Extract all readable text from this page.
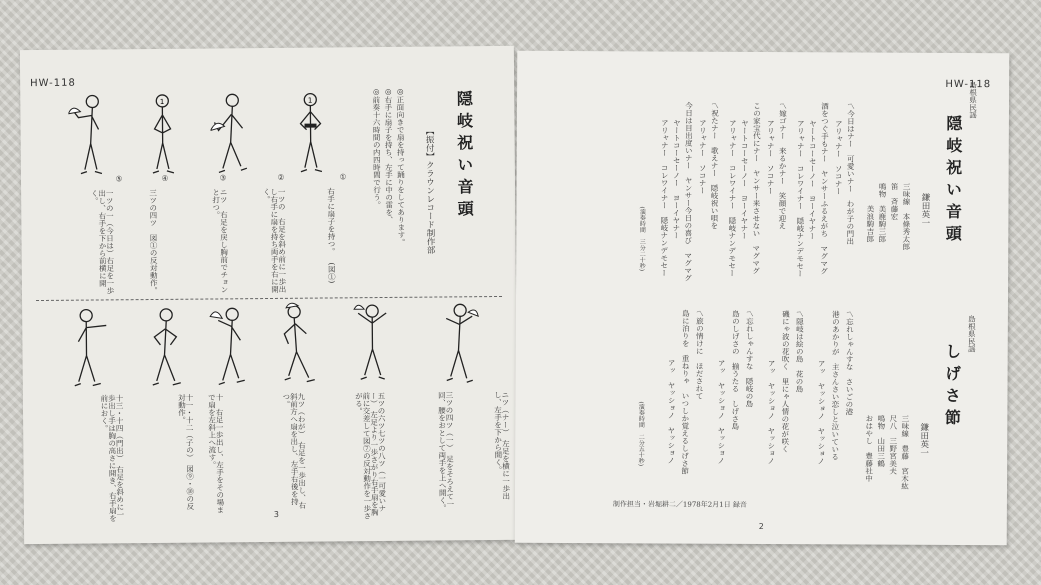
HW-118
隠岐祝い音頭
【振付】クラウンレコード制作部
◎正面向きで扇を持って踊りをしてあります。
◎右手に扇子を持ち、左手に中の雷を、
◎前奏十六時間の内四時間で行う。
①
右手に扇子を持つ。
(図①)
②
一ツの　右足を斜め前に一歩出し右手に扇を持ち両手を右に開く。
③
ニツ　右足を戻し胸前でチョンと打つ。
④
三ツの四ツ　図①の反対動作。
⑤
一ツの一（今日は）右足を一歩出し、右手を下から前横に開く。
1
1
ニツ（ナー）　左足を横に一歩出し、左手を下から開く。
三ツの四ツ（一）　足をそろえて一回、腰をおとして両手を上へ開く。
五ツの六ツ七ツの八ツ（一可愛いナー）　左足より一歩さがり右手扇を胸前に交差して図⑦の反対動作を一歩さがる。
九ツ（わが）　右足を一歩出し、右斜前方へ扇を出し、左手右後を持つ。
十　右足一歩出し、左手をその場まで扇を左斜上へ流す。
十一・十二（子の）　図⑨・⑩の反対動作。
十三・十四（門出）　右足を斜めに一歩出し手は胸の高さに開き、右手扇を前におく。
3
HW-118
島根県民謡
隠岐祝い音頭
鎌田英一
三味線　本條秀太郎
笛　斉藤宏
鳴物　美鹿駒三郎
　　　美浪駒吉郎
〽今日はナー　可愛いナー　わが子の門出
　アリャナー　ソコナー
酒をつぐ手もナー　ヤンサーふるえがち　マグマグ
　ヤートコーセーノー　ヨーイヤナー
　アリャナー　コレワイナー　隠岐ナンデモセー
〽嫁ゴナー　来るかナー　笑顔で迎え
　アリャナー　ソコナー
この家宝代にナー　ヤンサー来させない　マグマグ
　ヤートコーセーノー　ヨーイヤナー
　アリャナー　コレワイナー　隠岐ナンデモセー
〽祝たナー　歌えナー　隠岐祝い唄を
　アリャナー　ソコナー
今日は目出度いナー　ヤンサー今日の喜び　マグマグ
　ヤートコーセーノー　ヨーイヤナー
　アリャナー　コレワイナー　隠岐ナンデモセー
(演奏時間　三分二十秒)
島根県民謡
しげさ節
鎌田英一
三味線　豊藤　宮木紘
尺八　三野宮美夫
鳴物　山田三鶴
おはやし　豊藤社中
〽忘れしゃんすな　さいごの港
港のあかりが　主さんさい恋しと泣いている
　アッ　ヤッショノ　ヤッショノ
〽隠岐は絵の島　花の島
磯にゃ波の花吹く　里にゃ人情の花が咲く
　アッ　ヤッショノ　ヤッショノ
〽忘れしゃんすな　隠岐の島
島のしげさの　揃うたる　しげさ島
　アッ　ヤッショノ　ヤッショノ
〽旅の情けに　ほだされて
島に泊りを　重ねりゃ　いつしか覚えるしげさ節
　アッ　ヤッショノ　ヤッショノ
(演奏時間　二分五十秒)
制作担当・岩堀耕二／1978年2月1日 録音
2
